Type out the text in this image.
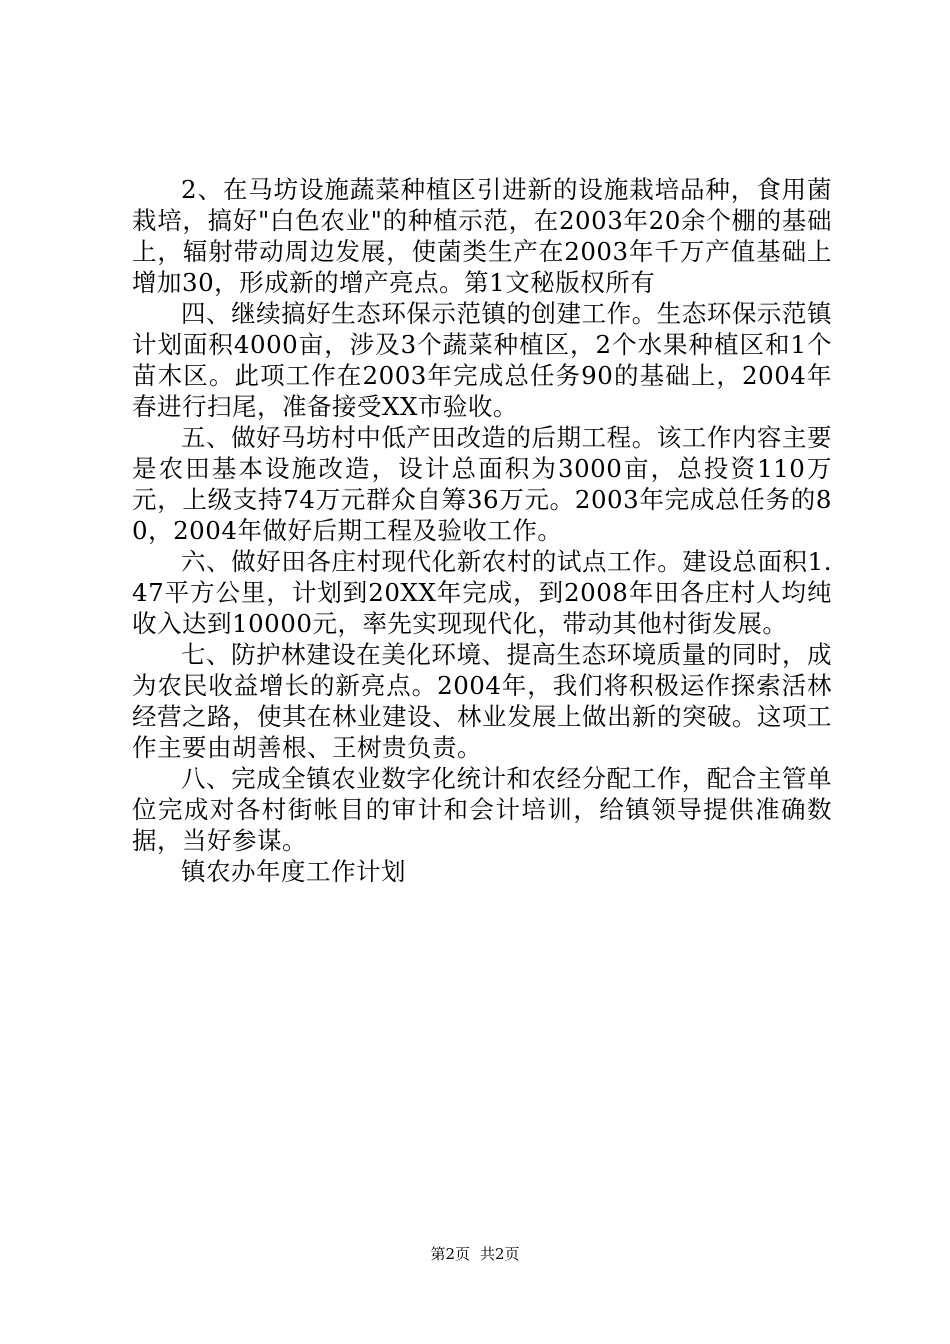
2、在马坊设施蔬菜种植区引进新的设施栽培品种，食用菌栽培，搞好"白色农业"的种植示范，在2003年20余个棚的基础上，辐射带动周边发展，使菌类生产在2003年千万产值基础上增加30，形成新的增产亮点。第1文秘版权所有

四、继续搞好生态环保示范镇的创建工作。生态环保示范镇计划面积4000亩，涉及3个蔬菜种植区，2个水果种植区和1个苗木区。此项工作在2003年完成总任务90的基础上，2004年春进行扫尾，准备接受XX市验收。

五、做好马坊村中低产田改造的后期工程。该工作内容主要是农田基本设施改造，设计总面积为3000亩，总投资110万元，上级支持74万元群众自筹36万元。2003年完成总任务的80，2004年做好后期工程及验收工作。

六、做好田各庄村现代化新农村的试点工作。建设总面积1.47平方公里，计划到20XX年完成，到2008年田各庄村人均纯收入达到10000元，率先实现现代化，带动其他村街发展。

七、防护林建设在美化环境、提高生态环境质量的同时，成为农民收益增长的新亮点。2004年，我们将积极运作探索活林经营之路，使其在林业建设、林业发展上做出新的突破。这项工作主要由胡善根、王树贵负责。

八、完成全镇农业数字化统计和农经分配工作，配合主管单位完成对各村街帐目的审计和会计培训，给镇领导提供准确数据，当好参谋。

镇农办年度工作计划

第2页 共2页
